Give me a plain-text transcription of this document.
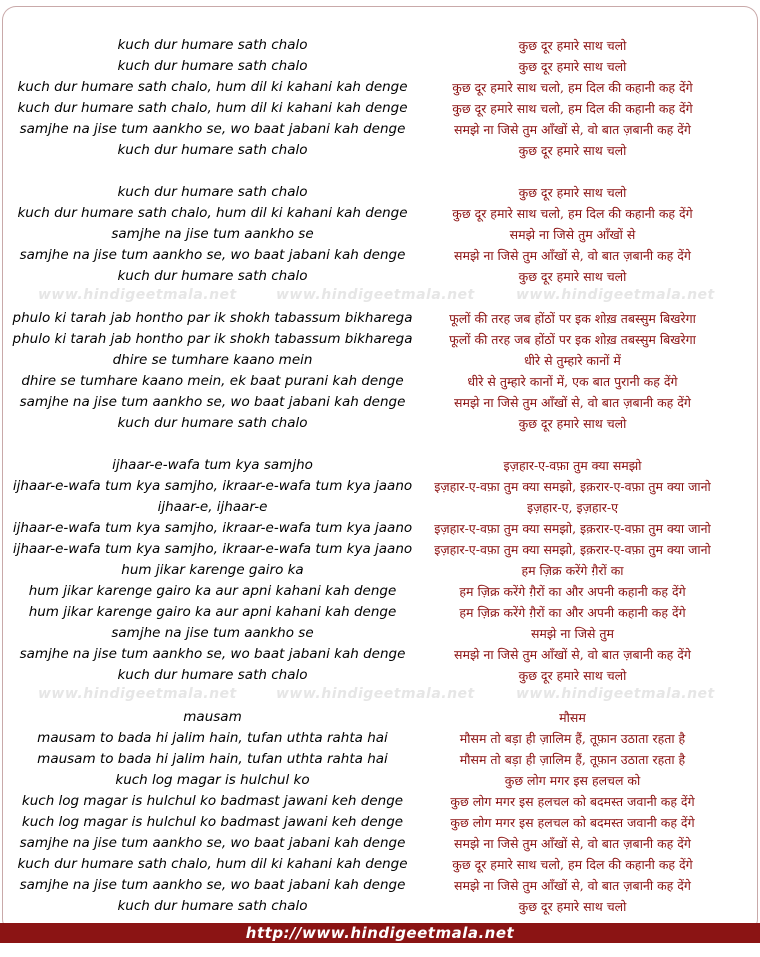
www.hindigeetmala.net	www.hindigeetmala.net	www.hindigeetmala.net
www.hindigeetmala.net	www.hindigeetmala.net	www.hindigeetmala.net
kuch dur humare sath chalo
kuch dur humare sath chalo
kuch dur humare sath chalo, hum dil ki kahani kah denge
kuch dur humare sath chalo, hum dil ki kahani kah denge
samjhe na jise tum aankho se, wo baat jabani kah denge
kuch dur humare sath chalo
kuch dur humare sath chalo
kuch dur humare sath chalo, hum dil ki kahani kah denge
samjhe na jise tum aankho se
samjhe na jise tum aankho se, wo baat jabani kah denge
kuch dur humare sath chalo
phulo ki tarah jab hontho par ik shokh tabassum bikharega
phulo ki tarah jab hontho par ik shokh tabassum bikharega
dhire se tumhare kaano mein
dhire se tumhare kaano mein, ek baat purani kah denge
samjhe na jise tum aankho se, wo baat jabani kah denge
kuch dur humare sath chalo
ijhaar-e-wafa tum kya samjho
ijhaar-e-wafa tum kya samjho, ikraar-e-wafa tum kya jaano
ijhaar-e, ijhaar-e
ijhaar-e-wafa tum kya samjho, ikraar-e-wafa tum kya jaano
ijhaar-e-wafa tum kya samjho, ikraar-e-wafa tum kya jaano
hum jikar karenge gairo ka
hum jikar karenge gairo ka aur apni kahani kah denge
hum jikar karenge gairo ka aur apni kahani kah denge
samjhe na jise tum aankho se
samjhe na jise tum aankho se, wo baat jabani kah denge
kuch dur humare sath chalo
mausam
mausam to bada hi jalim hain, tufan uthta rahta hai
mausam to bada hi jalim hain, tufan uthta rahta hai
kuch log magar is hulchul ko
kuch log magar is hulchul ko badmast jawani keh denge
kuch log magar is hulchul ko badmast jawani keh denge
samjhe na jise tum aankho se, wo baat jabani kah denge
kuch dur humare sath chalo, hum dil ki kahani kah denge
samjhe na jise tum aankho se, wo baat jabani kah denge
kuch dur humare sath chalo
कुछ दूर हमारे साथ चलो
कुछ दूर हमारे साथ चलो
कुछ दूर हमारे साथ चलो, हम दिल की कहानी कह देंगे
कुछ दूर हमारे साथ चलो, हम दिल की कहानी कह देंगे
समझे ना जिसे तुम आँखों से, वो बात ज़बानी कह देंगे
कुछ दूर हमारे साथ चलो
कुछ दूर हमारे साथ चलो
कुछ दूर हमारे साथ चलो, हम दिल की कहानी कह देंगे
समझे ना जिसे तुम आँखों से
समझे ना जिसे तुम आँखों से, वो बात ज़बानी कह देंगे
कुछ दूर हमारे साथ चलो
फूलों की तरह जब होंठों पर इक शोख़ तबस्सुम बिखरेगा
फूलों की तरह जब होंठों पर इक शोख़ तबस्सुम बिखरेगा
धीरे से तुम्हारे कानों में
धीरे से तुम्हारे कानों में, एक बात पुरानी कह देंगे
समझे ना जिसे तुम आँखों से, वो बात ज़बानी कह देंगे
कुछ दूर हमारे साथ चलो
इज़हार-ए-वफ़ा तुम क्या समझो
इज़हार-ए-वफ़ा तुम क्या समझो, इक़रार-ए-वफ़ा तुम क्या जानो
इज़हार-ए, इज़हार-ए
इज़हार-ए-वफ़ा तुम क्या समझो, इक़रार-ए-वफ़ा तुम क्या जानो
इज़हार-ए-वफ़ा तुम क्या समझो, इक़रार-ए-वफ़ा तुम क्या जानो
हम ज़िक्र करेंगे ग़ैरों का
हम ज़िक्र करेंगे ग़ैरों का और अपनी कहानी कह देंगे
हम ज़िक्र करेंगे ग़ैरों का और अपनी कहानी कह देंगे
समझे ना जिसे तुम
समझे ना जिसे तुम आँखों से, वो बात ज़बानी कह देंगे
कुछ दूर हमारे साथ चलो
मौसम
मौसम तो बड़ा ही ज़ालिम हैं, तूफ़ान उठाता रहता है
मौसम तो बड़ा ही ज़ालिम हैं, तूफ़ान उठाता रहता है
कुछ लोग मगर इस हलचल को
कुछ लोग मगर इस हलचल को बदमस्त जवानी कह देंगे
कुछ लोग मगर इस हलचल को बदमस्त जवानी कह देंगे
समझे ना जिसे तुम आँखों से, वो बात ज़बानी कह देंगे
कुछ दूर हमारे साथ चलो, हम दिल की कहानी कह देंगे
समझे ना जिसे तुम आँखों से, वो बात ज़बानी कह देंगे
कुछ दूर हमारे साथ चलो
http://www.hindigeetmala.net
